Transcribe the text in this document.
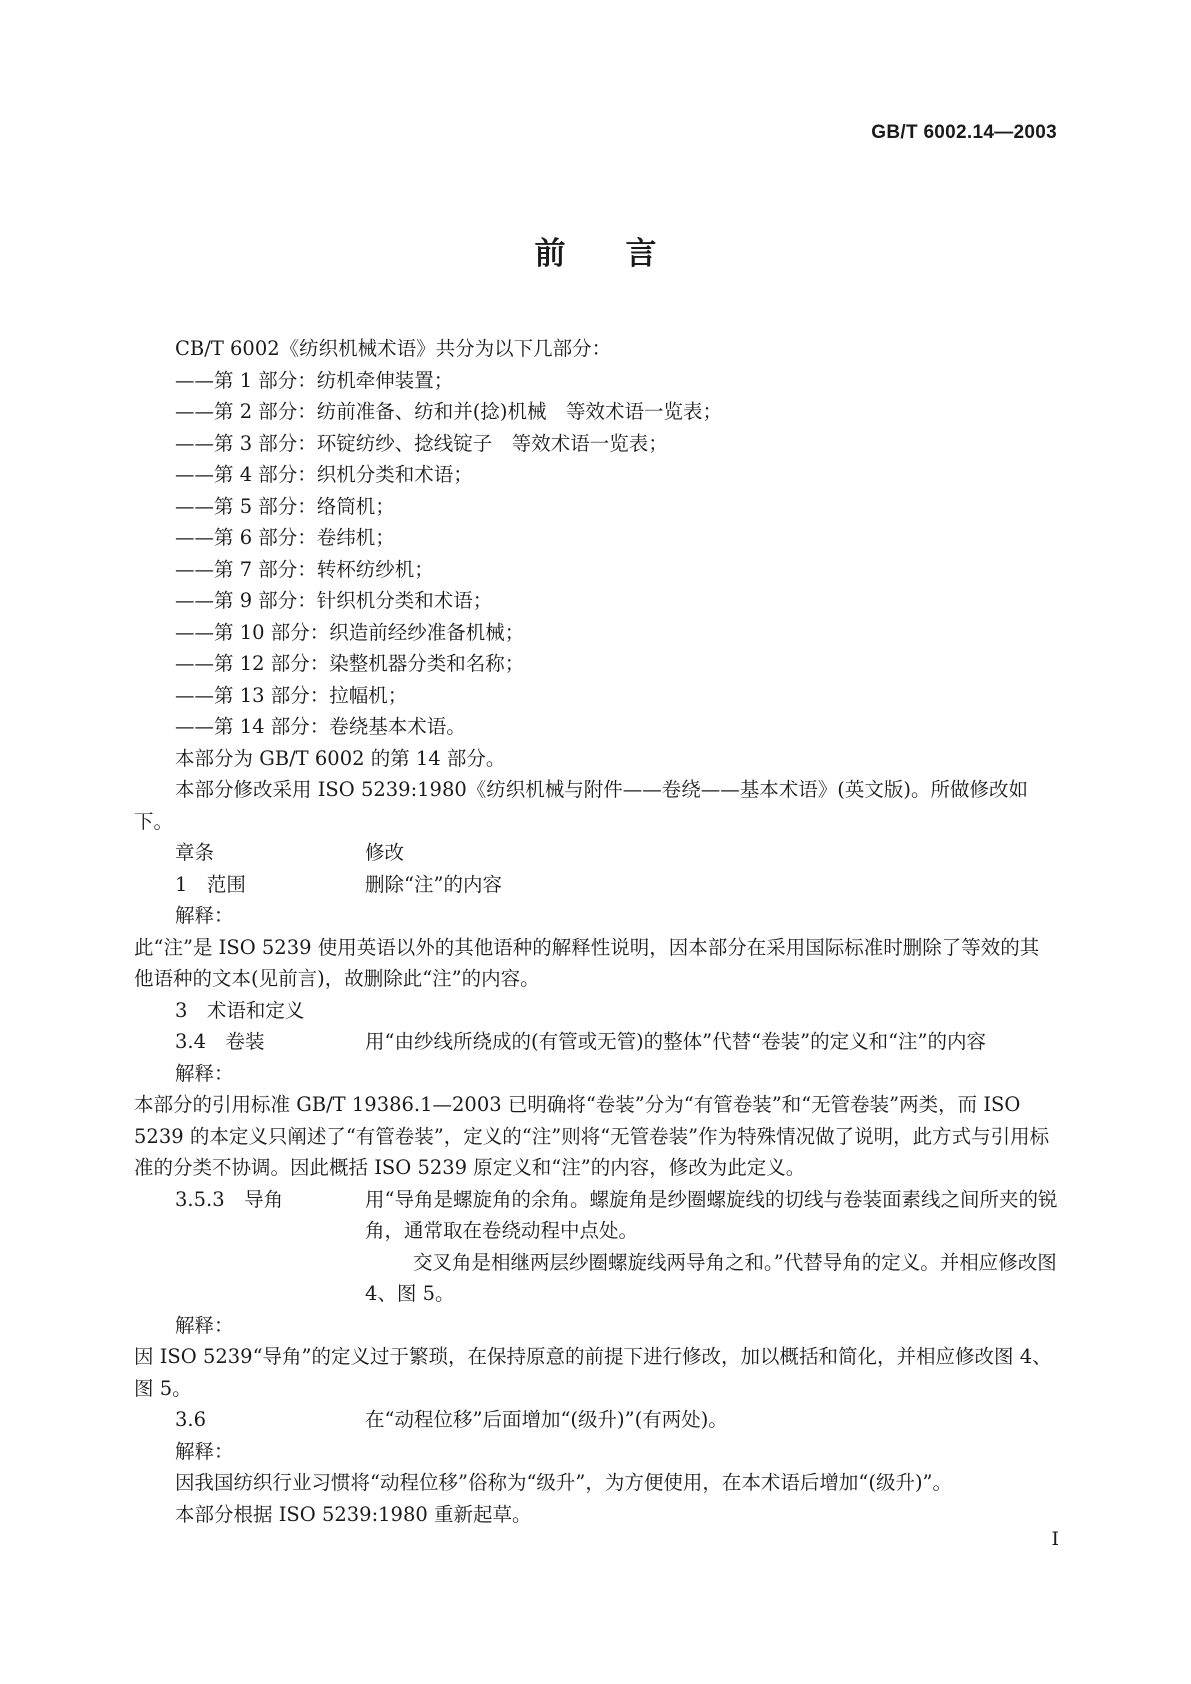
GB/T 6002.14—2003
前言

CB/T 6002《纺织机械术语》共分为以下几部分：

——第 1 部分：纺机牵伸装置；

——第 2 部分：纺前准备、纺和并(捻)机械　等效术语一览表；

——第 3 部分：环锭纺纱、捻线锭子　等效术语一览表；

——第 4 部分：织机分类和术语；

——第 5 部分：络筒机；

——第 6 部分：卷纬机；

——第 7 部分：转杯纺纱机；

——第 9 部分：针织机分类和术语；

——第 10 部分：织造前经纱准备机械；

——第 12 部分：染整机器分类和名称；

——第 13 部分：拉幅机；

——第 14 部分：卷绕基本术语。

本部分为 GB/T 6002 的第 14 部分。

本部分修改采用 ISO 5239:1980《纺织机械与附件——卷绕——基本术语》(英文版)。所做修改如下。

章条	修改
1　范围	删除“注”的内容

解释：

此“注”是 ISO 5239 使用英语以外的其他语种的解释性说明，因本部分在采用国际标准时删除了等效的其他语种的文本(见前言)，故删除此“注”的内容。

3　术语和定义

3.4　卷装	用“由纱线所绕成的(有管或无管)的整体”代替“卷装”的定义和“注”的内容

解释：

本部分的引用标准 GB/T 19386.1—2003 已明确将“卷装”分为“有管卷装”和“无管卷装”两类，而 ISO 5239 的本定义只阐述了“有管卷装”，定义的“注”则将“无管卷装”作为特殊情况做了说明，此方式与引用标准的分类不协调。因此概括 ISO 5239 原定义和“注”的内容，修改为此定义。

3.5.3　导角	用“导角是螺旋角的余角。螺旋角是纱圈螺旋线的切线与卷装面素线之间所夹的锐角，通常取在卷绕动程中点处。

交叉角是相继两层纱圈螺旋线两导角之和。”代替导角的定义。并相应修改图 4、图 5。

解释：

因 ISO 5239“导角”的定义过于繁琐，在保持原意的前提下进行修改，加以概括和简化，并相应修改图 4、图 5。

3.6	在“动程位移”后面增加“(级升)”(有两处)。

解释：

因我国纺织行业习惯将“动程位移”俗称为“级升”，为方便使用，在本术语后增加“(级升)”。

本部分根据 ISO 5239:1980 重新起草。

I
